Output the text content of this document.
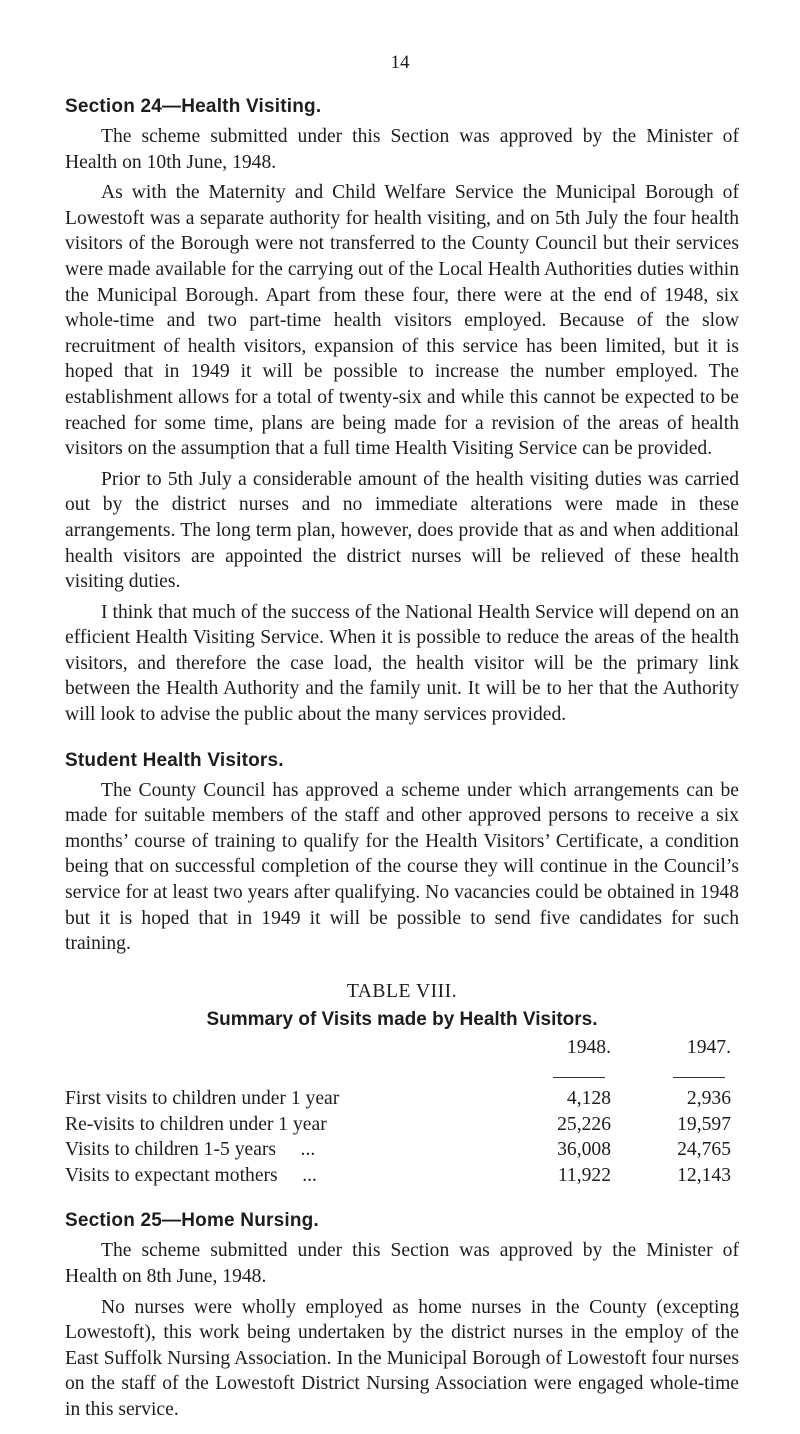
14
Section 24—Health Visiting.

The scheme submitted under this Section was approved by the Minister of Health on 10th June, 1948.

As with the Maternity and Child Welfare Service the Municipal Borough of Lowestoft was a separate authority for health visiting, and on 5th July the four health visitors of the Borough were not transferred to the County Council but their services were made available for the carrying out of the Local Health Authorities duties within the Municipal Borough. Apart from these four, there were at the end of 1948, six whole-time and two part-time health visitors employed. Because of the slow recruitment of health visitors, expansion of this service has been limited, but it is hoped that in 1949 it will be possible to increase the number employed. The establishment allows for a total of twenty-six and while this cannot be expected to be reached for some time, plans are being made for a revision of the areas of health visitors on the assumption that a full time Health Visiting Service can be provided.

Prior to 5th July a considerable amount of the health visiting duties was carried out by the district nurses and no immediate alterations were made in these arrangements. The long term plan, however, does provide that as and when additional health visitors are appointed the district nurses will be relieved of these health visiting duties.

I think that much of the success of the National Health Service will depend on an efficient Health Visiting Service. When it is possible to reduce the areas of the health visitors, and therefore the case load, the health visitor will be the primary link between the Health Authority and the family unit. It will be to her that the Authority will look to advise the public about the many services provided.

Student Health Visitors.

The County Council has approved a scheme under which arrangements can be made for suitable members of the staff and other approved persons to receive a six months’ course of training to qualify for the Health Visitors’ Certificate, a condition being that on successful completion of the course they will continue in the Council’s service for at least two years after qualifying. No vacancies could be obtained in 1948 but it is hoped that in 1949 it will be possible to send five candidates for such training.

TABLE VIII.
Summary of Visits made by Health Visitors.
	1948.	1947.

First visits to children under 1 year	4,128	2,936
Re-visits to children under 1 year	25,226	19,597
Visits to children 1-5 years ...	36,008	24,765
Visits to expectant mothers ...	11,922	12,143
Section 25—Home Nursing.

The scheme submitted under this Section was approved by the Minister of Health on 8th June, 1948.

No nurses were wholly employed as home nurses in the County (excepting Lowestoft), this work being undertaken by the district nurses in the employ of the East Suffolk Nursing Association. In the Municipal Borough of Lowestoft four nurses on the staff of the Lowestoft District Nursing Association were engaged whole-time in this service.
